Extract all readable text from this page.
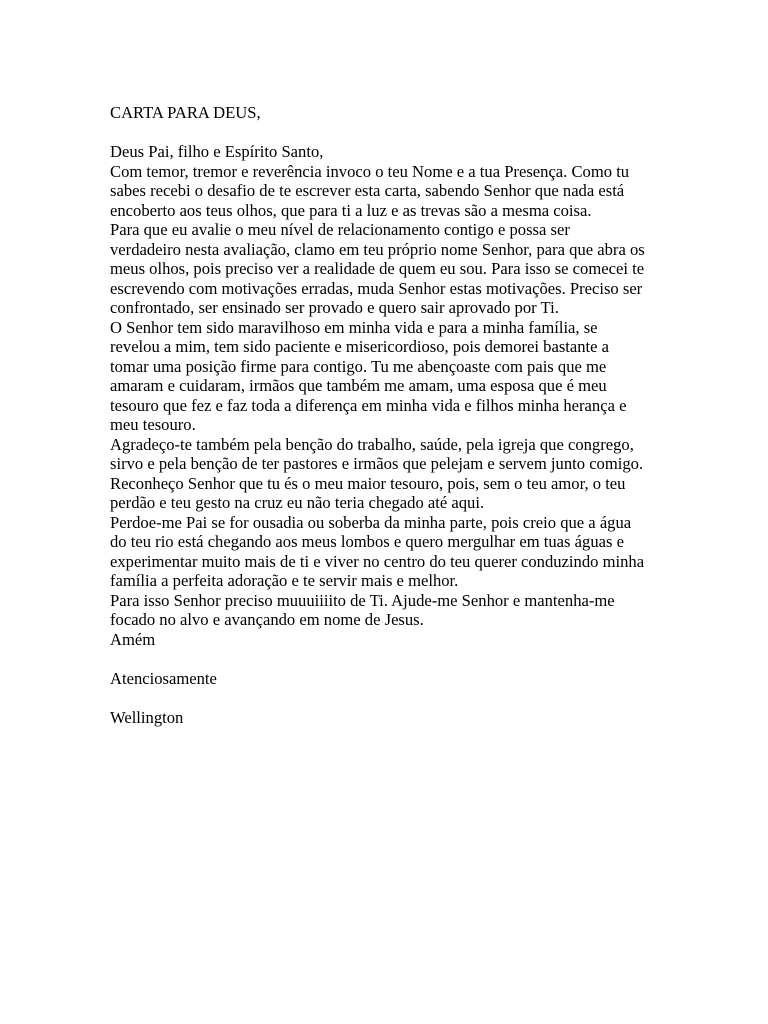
CARTA PARA DEUS,

Deus Pai, filho e Espírito Santo,

Com temor, tremor e reverência invoco o teu Nome e a tua Presença. Como tu

sabes recebi o desafio de te escrever esta carta, sabendo Senhor que nada está

encoberto aos teus olhos, que para ti a luz e as trevas são a mesma coisa.

Para que eu avalie o meu nível de relacionamento contigo e possa ser

verdadeiro nesta avaliação, clamo em teu próprio nome Senhor, para que abra os

meus olhos, pois preciso ver a realidade de quem eu sou. Para isso se comecei te

escrevendo com motivações erradas, muda Senhor estas motivações. Preciso ser

confrontado, ser ensinado ser provado e quero sair aprovado por Ti.

O Senhor tem sido maravilhoso em minha vida e para a minha família, se

revelou a mim, tem sido paciente e misericordioso, pois demorei bastante a

tomar uma posição firme para contigo. Tu me abençoaste com pais que me

amaram e cuidaram, irmãos que também me amam, uma esposa que é meu

tesouro que fez e faz toda a diferença em minha vida e filhos minha herança e

meu tesouro.

Agradeço-te também pela benção do trabalho, saúde, pela igreja que congrego,

sirvo e pela benção de ter pastores e irmãos que pelejam e servem junto comigo.

Reconheço Senhor que tu és o meu maior tesouro, pois, sem o teu amor, o teu

perdão e teu gesto na cruz eu não teria chegado até aqui.

Perdoe-me Pai se for ousadia ou soberba da minha parte, pois creio que a água

do teu rio está chegando aos meus lombos e quero mergulhar em tuas águas e

experimentar muito mais de ti e viver no centro do teu querer conduzindo minha

família a perfeita adoração e te servir mais e melhor.

Para isso Senhor preciso muuuiiiito de Ti. Ajude-me Senhor e mantenha-me

focado no alvo e avançando em nome de Jesus.

Amém

Atenciosamente

Wellington
